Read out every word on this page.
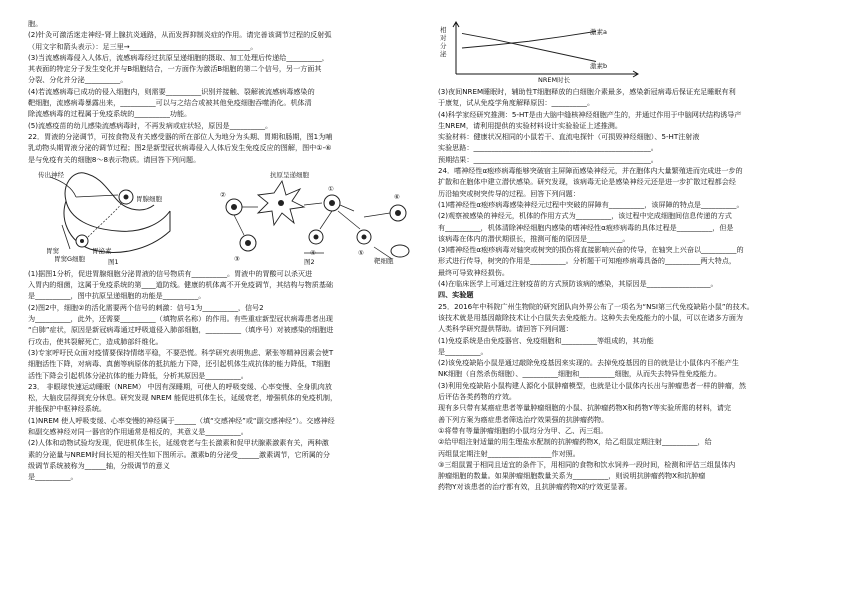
胞。

(2)针灸可激活迷走神经-肾上腺抗炎通路，从而发挥抑制炎症的作用。请完善该调节过程的反射弧

（用文字和箭头表示）：足三里→__________________________________。

(3)当流感病毒侵入人体后，流感病毒经过抗原呈递细胞的摄取、加工处理后传递给__________，

其表面的特定分子发生变化并与B细胞结合，一方面作为激活B细胞的第二个信号，另一方面其

分裂、分化并分泌__________。

(4)若流感病毒已成功的侵入细胞内，则需要__________识别并接触、裂解被流感病毒感染的

靶细胞，流感病毒暴露出来，__________可以与之结合或被其他免疫细胞吞噬消化。机体清

除流感病毒的过程属于免疫系统的__________功能。

(5)流感疫苗的幼儿感染流感病毒时，不再发病或症状轻，原因是__________。

22．胃液的分泌调节，可按食物及有关感受器的所在部位人为地分为头期、胃期和肠期，图1为哺

乳动物头期胃液分泌的调节过程；图2是新型冠状病毒侵入人体后发生免疫反应的图解，图中①-⑥

是与免疫有关的细胞8～8表示物质。请回答下列问题。

传出神经
胃腺细胞
胃窦
胃窦G细胞
胃泌素
图1
抗原呈递细胞
靶细胞
①
②
③
④	⑤
⑥
图2

(1)据图1分析，促进胃腺细胞分泌胃液的信号物质有__________。胃液中的胃酸可以杀灭进

入胃内的细菌，这属于免疫系统的第____道防线。健康的机体离不开免疫调节，其结构与物质基础

是__________，图中抗原呈递细胞的功能是__________。

(2)图2中，细胞②的活化需要两个信号的刺激：信号1为__________，信号2

为__________，此外，还需要__________（填物质名称）的作用。有些重症新型冠状病毒患者出现

“白肺”症状，原因是新冠病毒通过呼吸道侵入肺部细胞，__________（填序号）对被感染的细胞进

行攻击，使其裂解死亡，造成肺部纤维化。

(3)专家呼吁民众面对疫情要保持情绪平稳，不要恐慌。科学研究表明焦虑、紧张等精神因素会使T

细胞活性下降，对病毒、真菌等病原体的抵抗能力下降，还引起机体生成抗体的能力降低，T细胞

活性下降会引起机体分泌抗体的能力降低，分析其原因是__________。

23． 非眼球快速运动睡眠（NREM） 中因有深睡期，可使人的呼吸变缓、心率变慢、全身肌肉放

松，大脑皮层得到充分休息。研究发现 NREM 能促进机体生长，延缓衰老，增强机体的免疫机制，

并能保护中枢神经系统。

(1)NREM 使人呼吸变缓、心率变慢的神经属于______（填“交感神经”或“副交感神经”）。交感神经

和副交感神经对同一器官的作用通常是相反的，其意义是__________。

(2)人体和动物试验均发现，促进机体生长，延缓衰老与生长激素和促甲状腺素激素有关，两种激

素的分泌量与NREM时间长短的相关性如下图所示。激素b的分泌受______激素调节，它所属的分

级调节系统被称为______轴，分级调节的意义

是__________。

相
对
分
泌
激素a
激素b
NREM时长

(3)夜间NREM睡眠时，辅助性T细胞释放的白细胞介素最多，感染新冠病毒后保证充足睡眠有利

于康复，试从免疫学角度解释原因：__________。

(4)科学家经研究推测：5-HT是由大脑中缝核神经细胞产生的，并通过作用于中脑网状结构诱导产

生NREM，请利用提供的实验材料设计实验验证上述推测。

实验材料：健康状况相同的小鼠若干、直流电探针（可损毁神经细胞）、5-HT注射液

实验思路：__________________________________________________。

预期结果：__________________________________________________。

24．嗜神经性α疱疹病毒能够突破宿主屏障而感染神经元，并在胞体内大量繁殖进而完成进一步的

扩散和在胞体中建立潜伏感染。研究发现，该病毒无论是感染神经元还是进一步扩散过程都会经

历沿轴突或树突传导的过程。回答下列问题：

(1)嗜神经性α疱疹病毒感染神经元过程中突破的屏障有__________，该屏障的特点是__________。

(2)观察被感染的神经元，机体的作用方式为__________，该过程中完成细胞间信息传递的方式

有__________，机体清除神经细胞内感染的嗜神经性α疱疹病毒的具体过程是__________，但是

该病毒在体内的潜伏期很长，推测可能的原因是__________。

(3)嗜神经性α疱疹病毒对轴突或树突的损伤将直接影响兴奋的传导，在轴突上兴奋以__________的

形式进行传导，树突的作用是__________。分析题干可知疱疹病毒具备的__________两大特点，

最终可导致神经损伤。

(4)在临床医学上可通过注射疫苗的方式预防该病的感染，其原因是__________________。

四、实验题

25．2016年中科院广州生物院的研究团队向外界公布了一项名为“NSI第三代免疫缺陷小鼠”的技术。

该技术就是用基因敲除技术让小白鼠失去免疫能力。这种失去免疫能力的小鼠，可以在诸多方面为

人类科学研究提供帮助。请回答下列问题：

(1)免疫系统是由免疫器官、免疫细胞和__________等组成的，其功能

是__________。

(2)该免疫缺陷小鼠是通过敲除免疫基因来实现的。去掉免疫基因的目的就是让小鼠体内不能产生

NK细胞（自然杀伤细胞）、__________细胞和__________细胞，从而失去特异性免疫能力。

(3)利用免疫缺陷小鼠构建人源化小鼠肿瘤模型，也就是让小鼠体内长出与肿瘤患者一样的肿瘤，然

后评估各类药物的疗效。

现有多只带有某癌症患者等量肿瘤细胞的小鼠、抗肿瘤药物X和药物Y等实验所需的材料，请完

善下列方案为癌症患者筛选治疗效果强的抗肿瘤药物。

①将带有等量肿瘤细胞的小鼠均分为甲、乙、丙三组。

②给甲组注射适量的用生理盐水配制的抗肿瘤药物X，给乙组鼠定期注射__________，给

丙组鼠定期注射__________________作对照。

③三组鼠置于相同且适宜的条件下，用相同的食物和饮水饲养一段时间，检测和评估三组鼠体内

肿瘤细胞的数量。如果肿瘤细胞数量关系为__________，则说明抗肿瘤药物X和抗肿瘤

药物Y对该患者的治疗都有效，且抗肿瘤药物X的疗效更显著。
